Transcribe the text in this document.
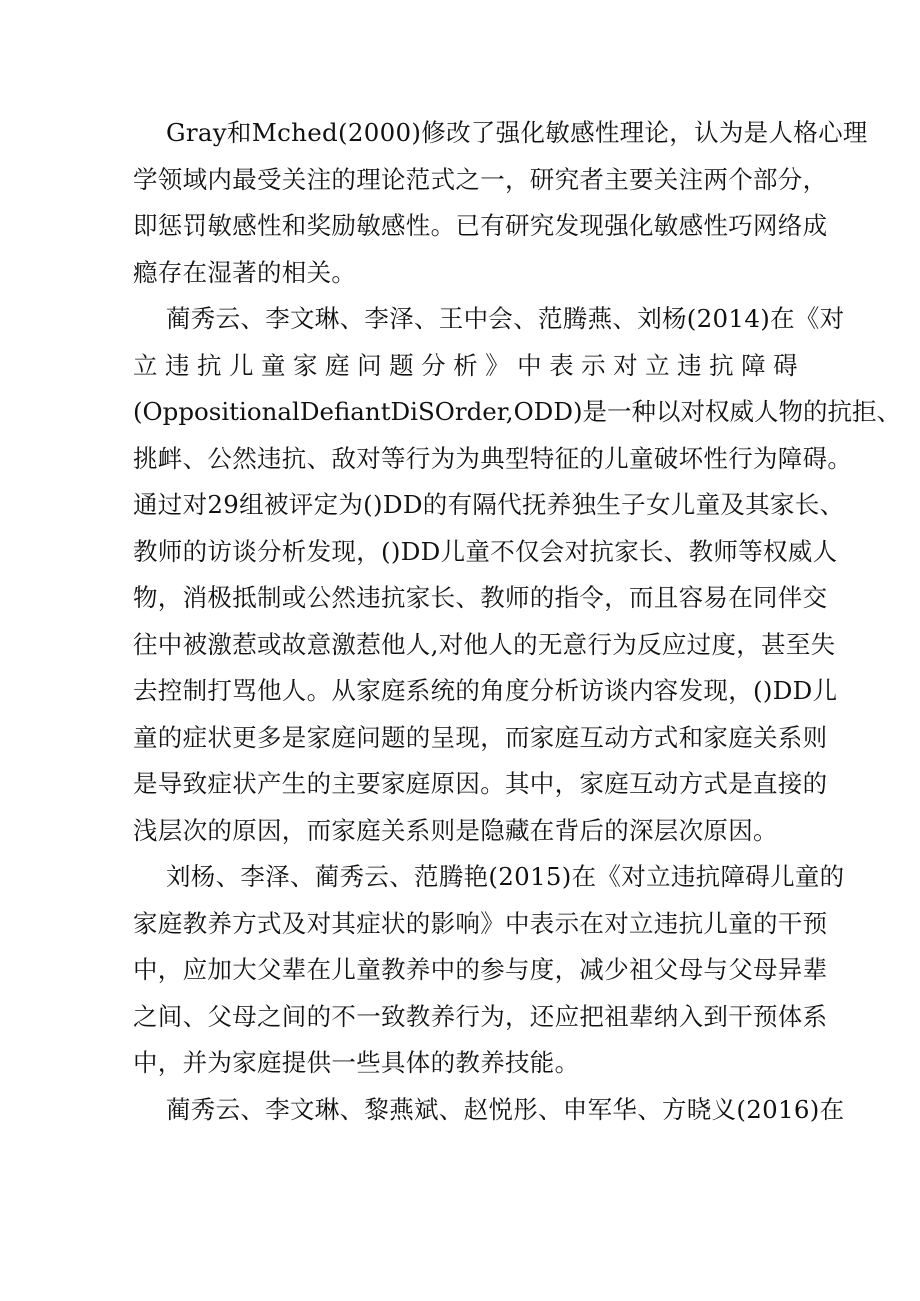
Gray和Mched(2000)修改了强化敏感性理论，认为是人格心理
学领域内最受关注的理论范式之一，研究者主要关注两个部分，
即惩罚敏感性和奖励敏感性。已有研究发现强化敏感性巧网络成
瘾存在湿著的相关。
蔺秀云、李文琳、李泽、王中会、范腾燕、刘杨(2014)在《对
立违抗儿童家庭问题分析》中表示对立违抗障碍
(OppositionalDefiantDiSOrder,ODD)是一种以对权威人物的抗拒、
挑衅、公然违抗、敌对等行为为典型特征的儿童破坏性行为障碍。
通过对29组被评定为()DD的有隔代抚养独生子女儿童及其家长、
教师的访谈分析发现，()DD儿童不仅会对抗家长、教师等权威人
物，消极抵制或公然违抗家长、教师的指令，而且容易在同伴交
往中被激惹或故意激惹他人,对他人的无意行为反应过度，甚至失
去控制打骂他人。从家庭系统的角度分析访谈内容发现，()DD儿
童的症状更多是家庭问题的呈现，而家庭互动方式和家庭关系则
是导致症状产生的主要家庭原因。其中，家庭互动方式是直接的
浅层次的原因，而家庭关系则是隐藏在背后的深层次原因。
刘杨、李泽、蔺秀云、范腾艳(2015)在《对立违抗障碍儿童的
家庭教养方式及对其症状的影响》中表示在对立违抗儿童的干预
中，应加大父辈在儿童教养中的参与度，减少祖父母与父母异辈
之间、父母之间的不一致教养行为，还应把祖辈纳入到干预体系
中，并为家庭提供一些具体的教养技能。
蔺秀云、李文琳、黎燕斌、赵悦彤、申军华、方晓义(2016)在
